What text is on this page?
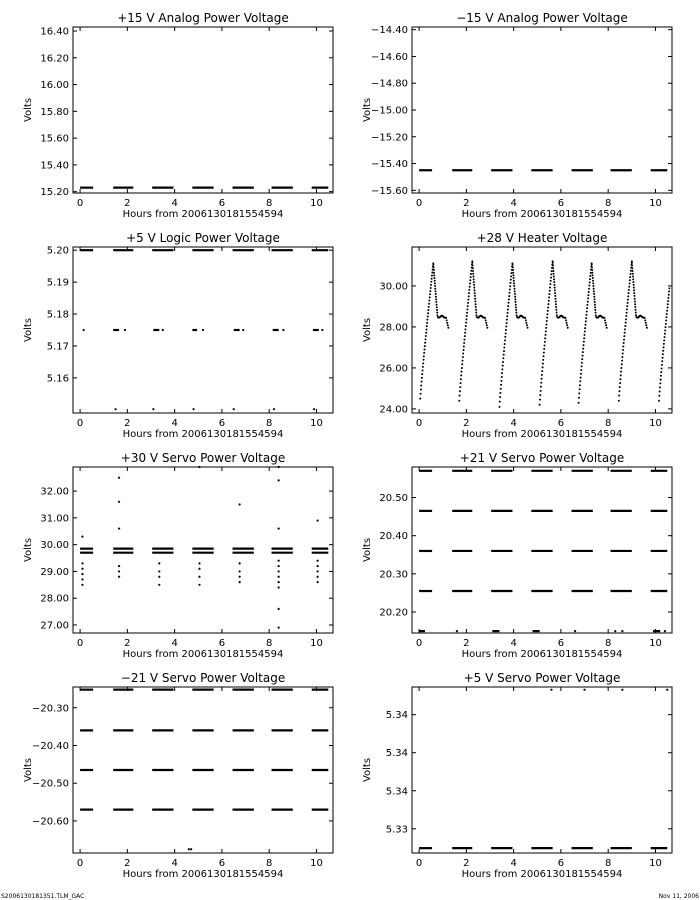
+15 V Analog Power Voltage
0	2	4	6	8	10
15.20
15.40
15.60
15.80
16.00
16.20
16.40
Hours from 2006130181554594
Volts
−15 V Analog Power Voltage
0	2	4	6	8	10
−15.60
−15.40
−15.20
−15.00
−14.80
−14.60
−14.40
Hours from 2006130181554594
Volts
+5 V Logic Power Voltage
0	2	4	6	8	10
5.16
5.17
5.18
5.19
5.20
Hours from 2006130181554594
Volts
+28 V Heater Voltage
0	2	4	6	8	10
24.00
26.00
28.00
30.00
Hours from 2006130181554594
Volts
+30 V Servo Power Voltage
0	2	4	6	8	10
27.00
28.00
29.00
30.00
31.00
32.00
Hours from 2006130181554594
Volts
+21 V Servo Power Voltage
0	2	4	6	8	10
20.20
20.30
20.40
20.50
Hours from 2006130181554594
Volts
−21 V Servo Power Voltage
0	2	4	6	8	10
−20.60
−20.50
−20.40
−20.30
Hours from 2006130181554594
Volts
+5 V Servo Power Voltage
0	2	4	6	8	10
5.33
5.34
5.34
5.34
Hours from 2006130181554594
Volts
S2006130181351.TLM_GAC	Nov 11, 2006
